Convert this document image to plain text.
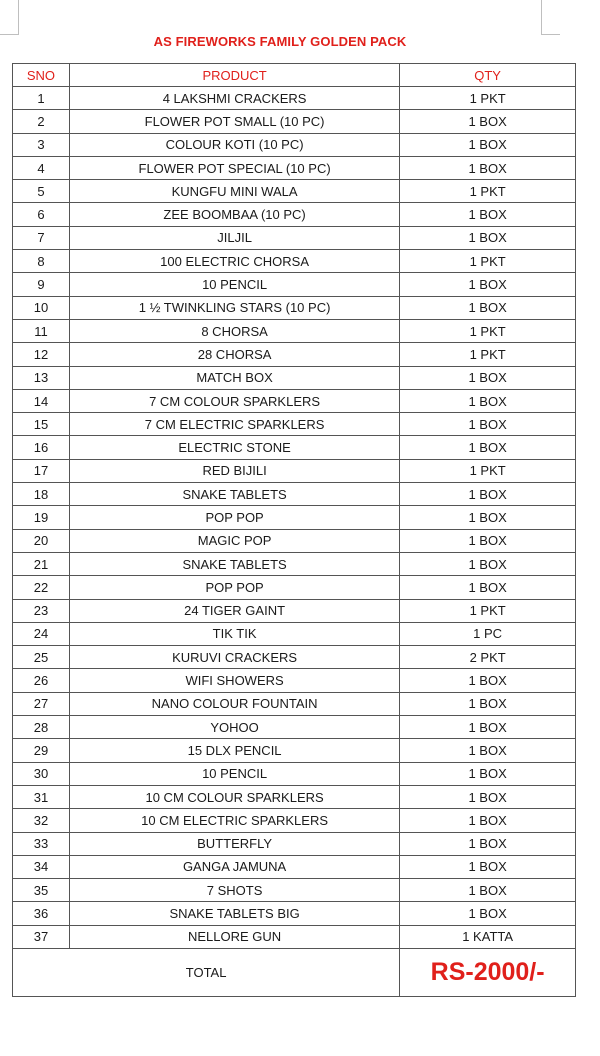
AS FIREWORKS FAMILY GOLDEN PACK
SNO	PRODUCT	QTY
1	4 LAKSHMI CRACKERS	1 PKT
2	FLOWER POT SMALL (10 PC)	1 BOX
3	COLOUR KOTI (10 PC)	1 BOX
4	FLOWER POT SPECIAL (10 PC)	1 BOX
5	KUNGFU MINI WALA	1 PKT
6	ZEE BOOMBAA (10 PC)	1 BOX
7	JILJIL	1 BOX
8	100 ELECTRIC CHORSA	1 PKT
9	10 PENCIL	1 BOX
10	1 ½ TWINKLING STARS (10 PC)	1 BOX
11	8 CHORSA	1 PKT
12	28 CHORSA	1 PKT
13	MATCH BOX	1 BOX
14	7 CM COLOUR SPARKLERS	1 BOX
15	7 CM ELECTRIC SPARKLERS	1 BOX
16	ELECTRIC STONE	1 BOX
17	RED BIJILI	1 PKT
18	SNAKE TABLETS	1 BOX
19	POP POP	1 BOX
20	MAGIC POP	1 BOX
21	SNAKE TABLETS	1 BOX
22	POP POP	1 BOX
23	24 TIGER GAINT	1 PKT
24	TIK TIK	1 PC
25	KURUVI CRACKERS	2 PKT
26	WIFI SHOWERS	1 BOX
27	NANO COLOUR FOUNTAIN	1 BOX
28	YOHOO	1 BOX
29	15 DLX PENCIL	1 BOX
30	10 PENCIL	1 BOX
31	10 CM COLOUR SPARKLERS	1 BOX
32	10 CM ELECTRIC SPARKLERS	1 BOX
33	BUTTERFLY	1 BOX
34	GANGA JAMUNA	1 BOX
35	7 SHOTS	1 BOX
36	SNAKE TABLETS BIG	1 BOX
37	NELLORE GUN	1 KATTA
TOTAL		RS-2000/-
